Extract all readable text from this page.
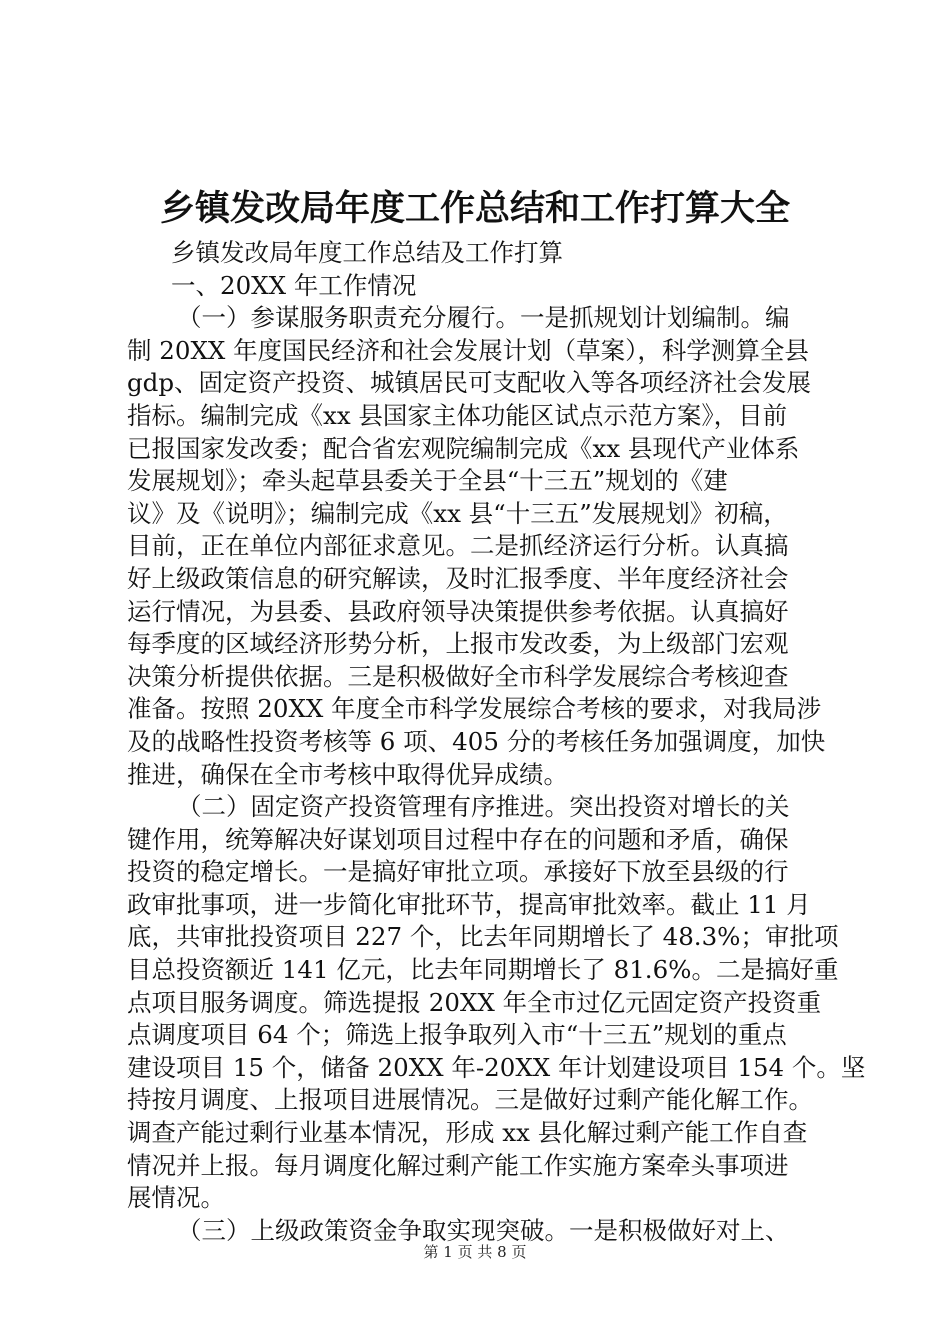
乡镇发改局年度工作总结和工作打算大全
乡镇发改局年度工作总结及工作打算
一、20XX 年工作情况
（一）参谋服务职责充分履行。一是抓规划计划编制。编
制 20XX 年度国民经济和社会发展计划（草案），科学测算全县
gdp、固定资产投资、城镇居民可支配收入等各项经济社会发展
指标。编制完成《xx 县国家主体功能区试点示范方案》，目前
已报国家发改委；配合省宏观院编制完成《xx 县现代产业体系
发展规划》；牵头起草县委关于全县“十三五”规划的《建
议》及《说明》；编制完成《xx 县“十三五”发展规划》初稿，
目前，正在单位内部征求意见。二是抓经济运行分析。认真搞
好上级政策信息的研究解读，及时汇报季度、半年度经济社会
运行情况，为县委、县政府领导决策提供参考依据。认真搞好
每季度的区域经济形势分析，上报市发改委，为上级部门宏观
决策分析提供依据。三是积极做好全市科学发展综合考核迎查
准备。按照 20XX 年度全市科学发展综合考核的要求，对我局涉
及的战略性投资考核等 6 项、405 分的考核任务加强调度，加快
推进，确保在全市考核中取得优异成绩。
（二）固定资产投资管理有序推进。突出投资对增长的关
键作用，统筹解决好谋划项目过程中存在的问题和矛盾，确保
投资的稳定增长。一是搞好审批立项。承接好下放至县级的行
政审批事项，进一步简化审批环节，提高审批效率。截止 11 月
底，共审批投资项目 227 个，比去年同期增长了 48.3%；审批项
目总投资额近 141 亿元，比去年同期增长了 81.6%。二是搞好重
点项目服务调度。筛选提报 20XX 年全市过亿元固定资产投资重
点调度项目 64 个；筛选上报争取列入市“十三五”规划的重点
建设项目 15 个，储备 20XX 年-20XX 年计划建设项目 154 个。坚
持按月调度、上报项目进展情况。三是做好过剩产能化解工作。
调查产能过剩行业基本情况，形成 xx 县化解过剩产能工作自查
情况并上报。每月调度化解过剩产能工作实施方案牵头事项进
展情况。
（三）上级政策资金争取实现突破。一是积极做好对上、
第 1 页 共 8 页
